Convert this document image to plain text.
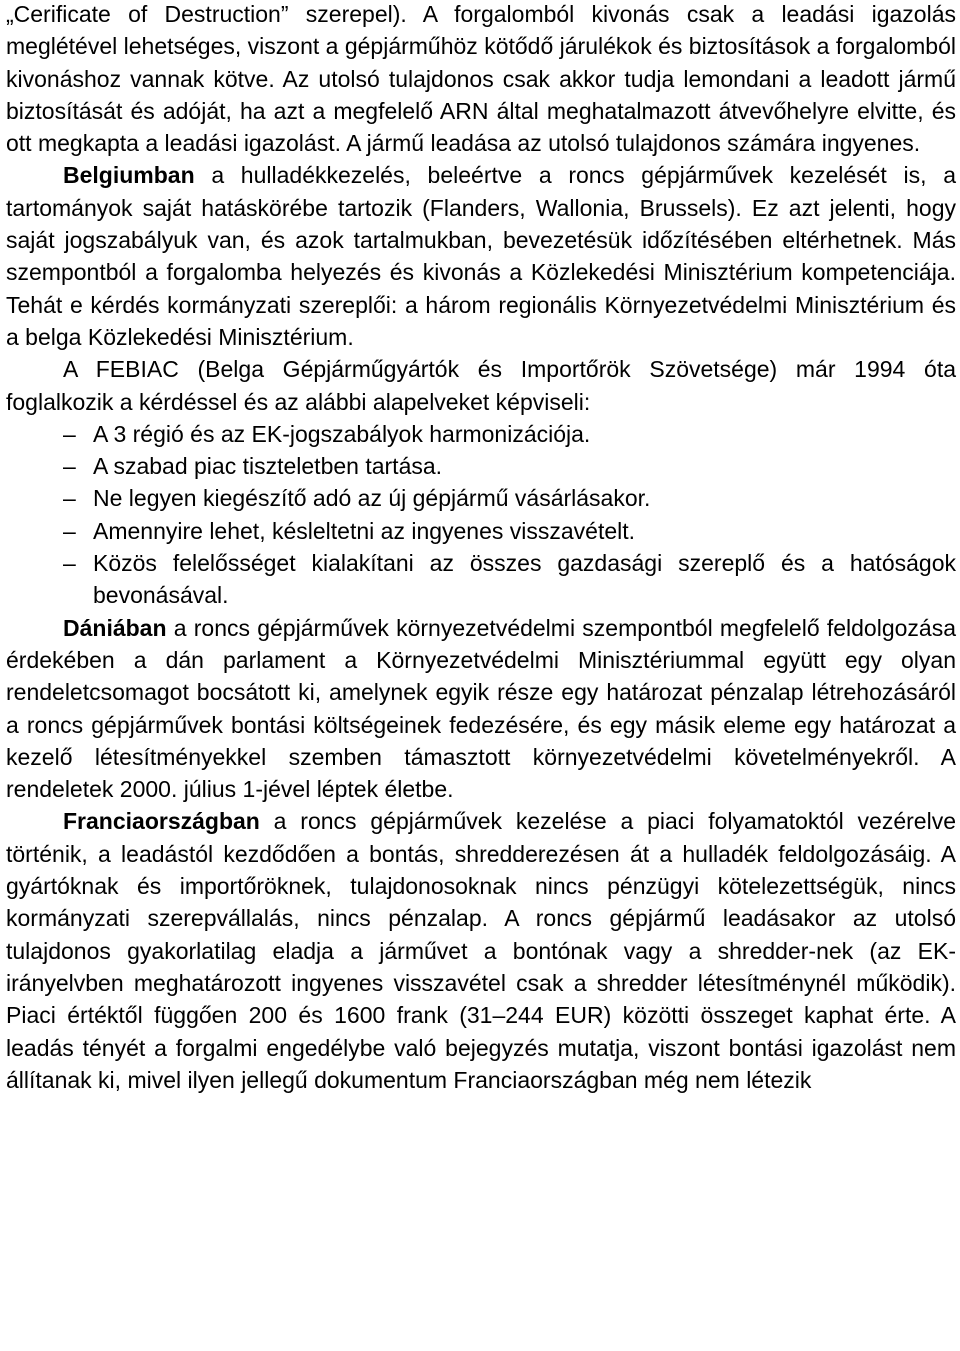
„Cerificate of Destruction” szerepel). A forgalomból kivonás csak a leadási igazolás meglétével lehetséges, viszont a gépjárműhöz kötődő járulékok és biztosítások a forgalomból kivonáshoz vannak kötve. Az utolsó tulajdonos csak akkor tudja lemondani a leadott jármű biztosítását és adóját, ha azt a megfelelő ARN által meghatalmazott átvevőhelyre elvitte, és ott megkapta a leadási igazolást. A jármű leadása az utolsó tulajdonos számára ingyenes.

Belgiumban a hulladékkezelés, beleértve a roncs gépjárművek kezelését is, a tartományok saját hatáskörébe tartozik (Flanders, Wallonia, Brussels). Ez azt jelenti, hogy saját jogszabályuk van, és azok tartalmukban, bevezetésük időzítésében eltérhetnek. Más szempontból a forgalomba helyezés és kivonás a Közlekedési Minisztérium kompetenciája. Tehát e kérdés kormányzati szereplői: a három regionális Környezetvédelmi Minisztérium és a belga Közlekedési Minisztérium.

A FEBIAC (Belga Gépjárműgyártók és Importőrök Szövetsége) már 1994 óta foglalkozik a kérdéssel és az alábbi alapelveket képviseli:

– A 3 régió és az EK-jogszabályok harmonizációja.
– A szabad piac tiszteletben tartása.
– Ne legyen kiegészítő adó az új gépjármű vásárlásakor.
– Amennyire lehet, késleltetni az ingyenes visszavételt.
– Közös felelősséget kialakítani az összes gazdasági szereplő és a hatóságok bevonásával.

Dániában a roncs gépjárművek környezetvédelmi szempontból megfelelő feldolgozása érdekében a dán parlament a Környezetvédelmi Minisztériummal együtt egy olyan rendeletcsomagot bocsátott ki, amelynek egyik része egy határozat pénzalap létrehozásáról a roncs gépjárművek bontási költségeinek fedezésére, és egy másik eleme egy határozat a kezelő létesítményekkel szemben támasztott környezetvédelmi követelményekről. A rendeletek 2000. július 1-jével léptek életbe.

Franciaországban a roncs gépjárművek kezelése a piaci folyamatoktól vezérelve történik, a leadástól kezdődően a bontás, shredderezésen át a hulladék feldolgozásáig. A gyártóknak és importőröknek, tulajdonosoknak nincs pénzügyi kötelezettségük, nincs kormányzati szerepvállalás, nincs pénzalap. A roncs gépjármű leadásakor az utolsó tulajdonos gyakorlatilag eladja a járművet a bontónak vagy a shredder-nek (az EK-irányelvben meghatározott ingyenes visszavétel csak a shredder létesítménynél működik). Piaci értéktől függően 200 és 1600 frank (31–244 EUR) közötti összeget kaphat érte. A leadás tényét a forgalmi engedélybe való bejegyzés mutatja, viszont bontási igazolást nem állítanak ki, mivel ilyen jellegű dokumentum Franciaországban még nem létezik
